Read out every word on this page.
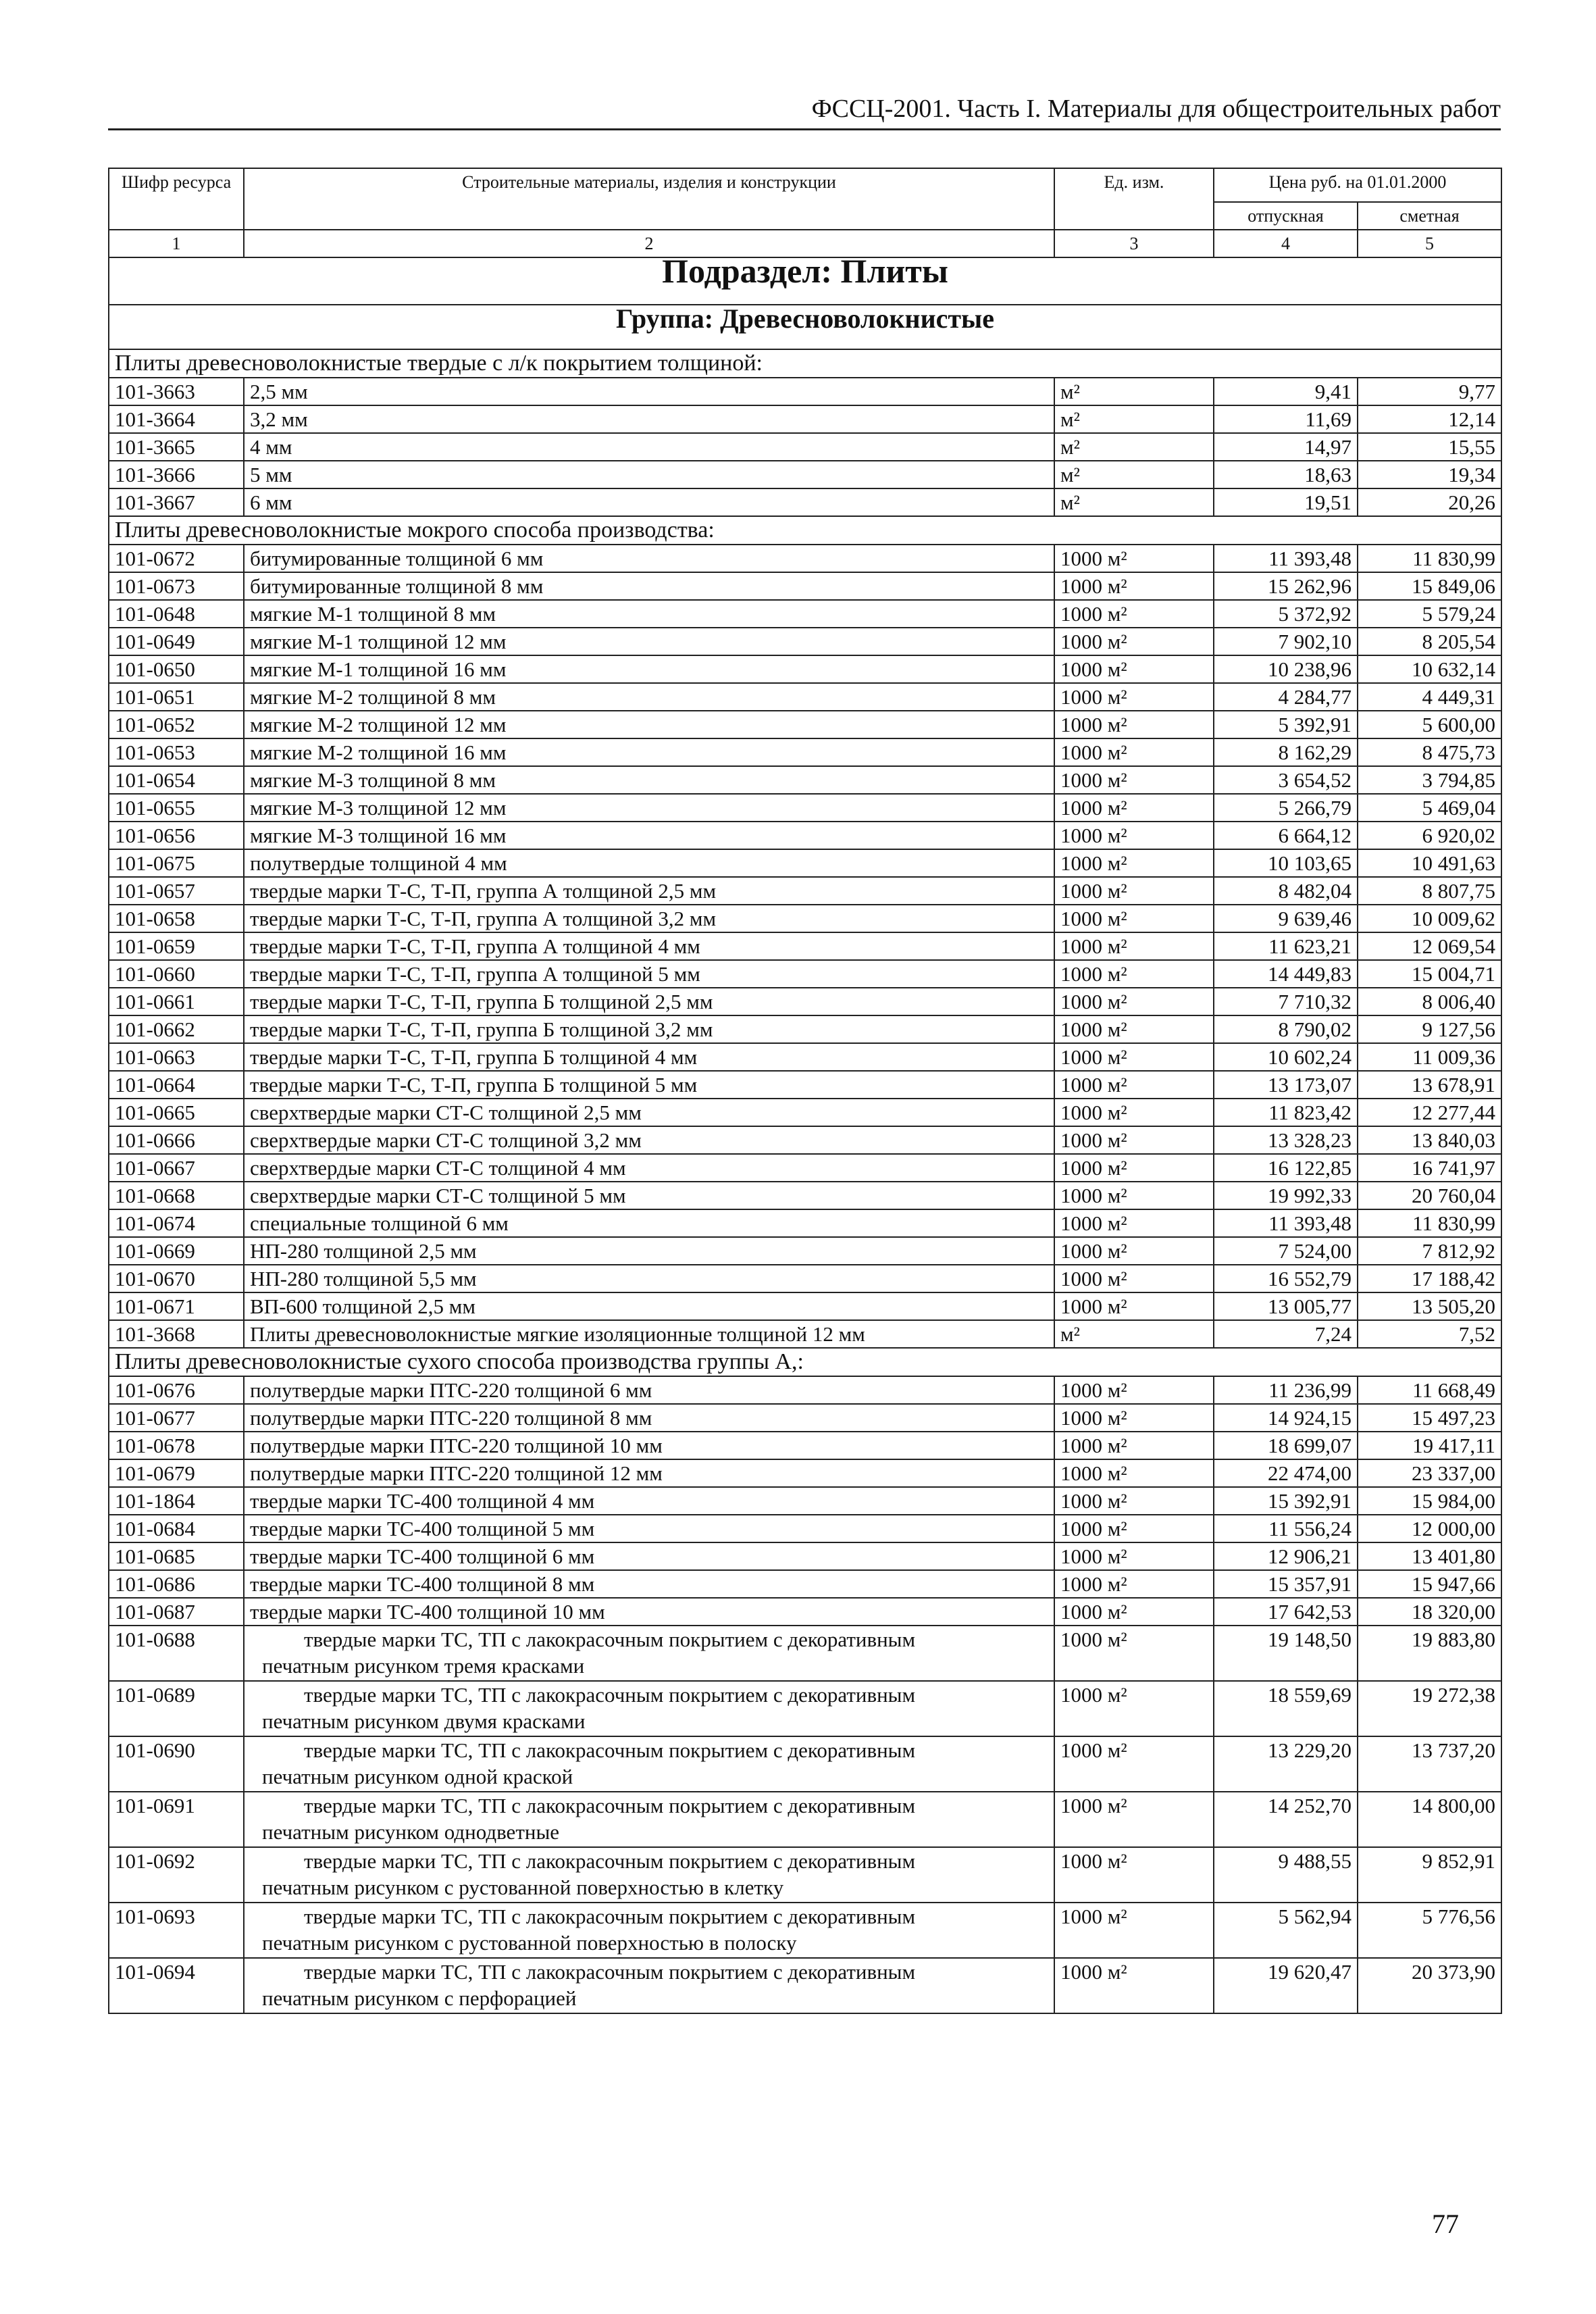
ФССЦ-2001. Часть I. Материалы для общестроительных работ
Шифр ресурса	Строительные материалы, изделия и конструкции	Ед. изм.	Цена руб. на 01.01.2000	
			отпускная	сметная
1	2	3	4	5
Подраздел: Плиты				
Группа: Древесноволокнистые				
Плиты древесноволокнистые твердые с л/к покрытием толщиной:				
101-3663	2,5 мм	м²	9,41	9,77
101-3664	3,2 мм	м²	11,69	12,14
101-3665	4 мм	м²	14,97	15,55
101-3666	5 мм	м²	18,63	19,34
101-3667	6 мм	м²	19,51	20,26
Плиты древесноволокнистые мокрого способа производства:				
101-0672	битумированные толщиной 6 мм	1000 м²	11 393,48	11 830,99
101-0673	битумированные толщиной 8 мм	1000 м²	15 262,96	15 849,06
101-0648	мягкие М-1 толщиной 8 мм	1000 м²	5 372,92	5 579,24
101-0649	мягкие М-1 толщиной 12 мм	1000 м²	7 902,10	8 205,54
101-0650	мягкие М-1 толщиной 16 мм	1000 м²	10 238,96	10 632,14
101-0651	мягкие М-2 толщиной 8 мм	1000 м²	4 284,77	4 449,31
101-0652	мягкие М-2 толщиной 12 мм	1000 м²	5 392,91	5 600,00
101-0653	мягкие М-2 толщиной 16 мм	1000 м²	8 162,29	8 475,73
101-0654	мягкие М-3 толщиной 8 мм	1000 м²	3 654,52	3 794,85
101-0655	мягкие М-3 толщиной 12 мм	1000 м²	5 266,79	5 469,04
101-0656	мягкие М-3 толщиной 16 мм	1000 м²	6 664,12	6 920,02
101-0675	полутвердые толщиной 4 мм	1000 м²	10 103,65	10 491,63
101-0657	твердые марки Т-С, Т-П, группа А толщиной 2,5 мм	1000 м²	8 482,04	8 807,75
101-0658	твердые марки Т-С, Т-П, группа А толщиной 3,2 мм	1000 м²	9 639,46	10 009,62
101-0659	твердые марки Т-С, Т-П, группа А толщиной 4 мм	1000 м²	11 623,21	12 069,54
101-0660	твердые марки Т-С, Т-П, группа А толщиной 5 мм	1000 м²	14 449,83	15 004,71
101-0661	твердые марки Т-С, Т-П, группа Б толщиной 2,5 мм	1000 м²	7 710,32	8 006,40
101-0662	твердые марки Т-С, Т-П, группа Б толщиной 3,2 мм	1000 м²	8 790,02	9 127,56
101-0663	твердые марки Т-С, Т-П, группа Б толщиной 4 мм	1000 м²	10 602,24	11 009,36
101-0664	твердые марки Т-С, Т-П, группа Б толщиной 5 мм	1000 м²	13 173,07	13 678,91
101-0665	сверхтвердые марки СТ-С толщиной 2,5 мм	1000 м²	11 823,42	12 277,44
101-0666	сверхтвердые марки СТ-С толщиной 3,2 мм	1000 м²	13 328,23	13 840,03
101-0667	сверхтвердые марки СТ-С толщиной 4 мм	1000 м²	16 122,85	16 741,97
101-0668	сверхтвердые марки СТ-С толщиной 5 мм	1000 м²	19 992,33	20 760,04
101-0674	специальные толщиной 6 мм	1000 м²	11 393,48	11 830,99
101-0669	НП-280 толщиной 2,5 мм	1000 м²	7 524,00	7 812,92
101-0670	НП-280 толщиной 5,5 мм	1000 м²	16 552,79	17 188,42
101-0671	ВП-600 толщиной 2,5 мм	1000 м²	13 005,77	13 505,20
101-3668	Плиты древесноволокнистые мягкие изоляционные толщиной 12 мм	м²	7,24	7,52
Плиты древесноволокнистые сухого способа производства группы А,:				
101-0676	полутвердые марки ПТС-220 толщиной 6 мм	1000 м²	11 236,99	11 668,49
101-0677	полутвердые марки ПТС-220 толщиной 8 мм	1000 м²	14 924,15	15 497,23
101-0678	полутвердые марки ПТС-220 толщиной 10 мм	1000 м²	18 699,07	19 417,11
101-0679	полутвердые марки ПТС-220 толщиной 12 мм	1000 м²	22 474,00	23 337,00
101-1864	твердые марки ТС-400 толщиной 4 мм	1000 м²	15 392,91	15 984,00
101-0684	твердые марки ТС-400 толщиной 5 мм	1000 м²	11 556,24	12 000,00
101-0685	твердые марки ТС-400 толщиной 6 мм	1000 м²	12 906,21	13 401,80
101-0686	твердые марки ТС-400 толщиной 8 мм	1000 м²	15 357,91	15 947,66
101-0687	твердые марки ТС-400 толщиной 10 мм	1000 м²	17 642,53	18 320,00
101-0688	твердые марки ТС, ТП с лакокрасочным покрытием с декоративным
печатным рисунком тремя красками	1000 м²	19 148,50	19 883,80
101-0689	твердые марки ТС, ТП с лакокрасочным покрытием с декоративным
печатным рисунком двумя красками	1000 м²	18 559,69	19 272,38
101-0690	твердые марки ТС, ТП с лакокрасочным покрытием с декоративным
печатным рисунком одной краской	1000 м²	13 229,20	13 737,20
101-0691	твердые марки ТС, ТП с лакокрасочным покрытием с декоративным
печатным рисунком однодветные	1000 м²	14 252,70	14 800,00
101-0692	твердые марки ТС, ТП с лакокрасочным покрытием с декоративным
печатным рисунком с рустованной поверхностью в клетку	1000 м²	9 488,55	9 852,91
101-0693	твердые марки ТС, ТП с лакокрасочным покрытием с декоративным
печатным рисунком с рустованной поверхностью в полоску	1000 м²	5 562,94	5 776,56
101-0694	твердые марки ТС, ТП с лакокрасочным покрытием с декоративным
печатным рисунком с перфорацией	1000 м²	19 620,47	20 373,90
77
